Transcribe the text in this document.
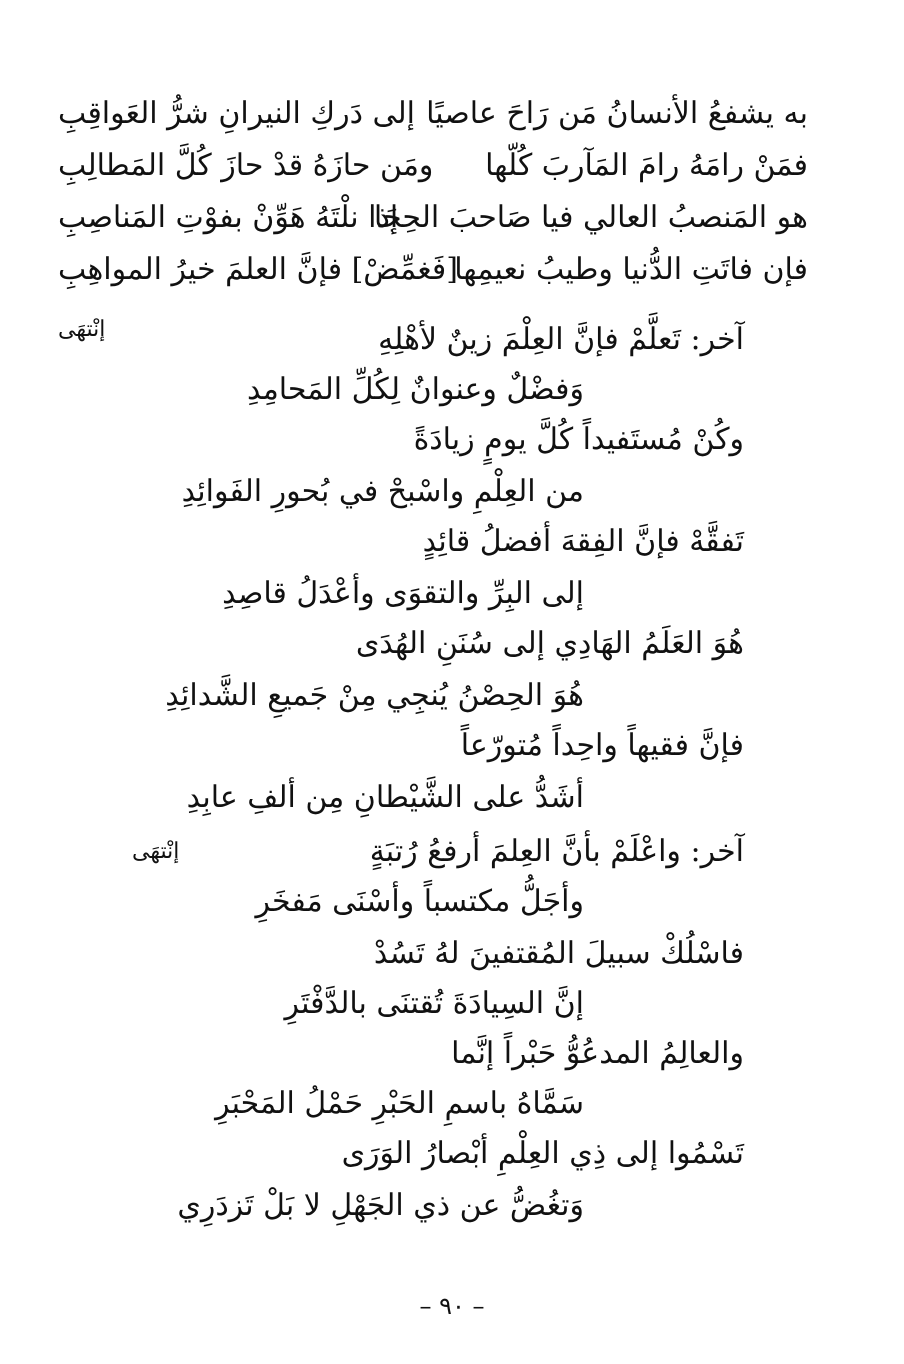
به يشفعُ الأنسانُ مَن رَاحَ عاصيًا
إلى دَركِ النيرانِ شرُّ العَواقِبِ
فمَنْ رامَهُ رامَ المَآربَ كُلّها
ومَن حازَهُ قدْ حازَ كُلَّ المَطالِبِ
هو المَنصبُ العالي فيا صَاحبَ الحِجَا
إذا نلْتَهُ هَوِّنْ بفوْتِ المَناصِبِ
فإن فاتَتِ الدُّنيا وطيبُ نعيمِها
[فَغمِّضْ] فإنَّ العلمَ خيرُ المواهِبِ
إنْتهَى	آخر: تَعلَّمْ فإنَّ العِلْمَ زينٌ لأهْلِهِ
وَفضْلٌ وعنوانٌ لِكُلِّ المَحامِدِ
وكُنْ مُستَفيداً كُلَّ يومٍ زيادَةً
من العِلْمِ واسْبحْ في بُحورِ الفَوائِدِ
تَفقَّهْ فإنَّ الفِقهَ أفضلُ قائِدٍ
إلى البِرِّ والتقوَى وأعْدَلُ قاصِدِ
هُوَ العَلَمُ الهَادِي إلى سُنَنِ الهُدَى
هُوَ الحِصْنُ يُنجِي مِنْ جَميعِ الشَّدائِدِ
فإنَّ فقيهاً واحِداً مُتورّعاً
أشَدُّ على الشَّيْطانِ مِن ألفِ عابِدِ
آخر: واعْلَمْ بأنَّ العِلمَ أرفعُ رُتبَةٍ
إنْتهَى
وأجَلُّ مكتسباً وأسْنَى مَفخَرِ
فاسْلُكْ سبيلَ المُقتفينَ لهُ تَسُدْ
إنَّ السِيادَةَ تُقتنَى بالدَّفْتَرِ
والعالِمُ المدعُوُّ حَبْراً إنَّما
سَمَّاهُ باسمِ الحَبْرِ حَمْلُ المَحْبَرِ
تَسْمُوا إلى ذِي العِلْمِ أبْصارُ الوَرَى
وَتغُضُّ عن ذي الجَهْلِ لا بَلْ تَزدَرِي
– ٩٠ –
